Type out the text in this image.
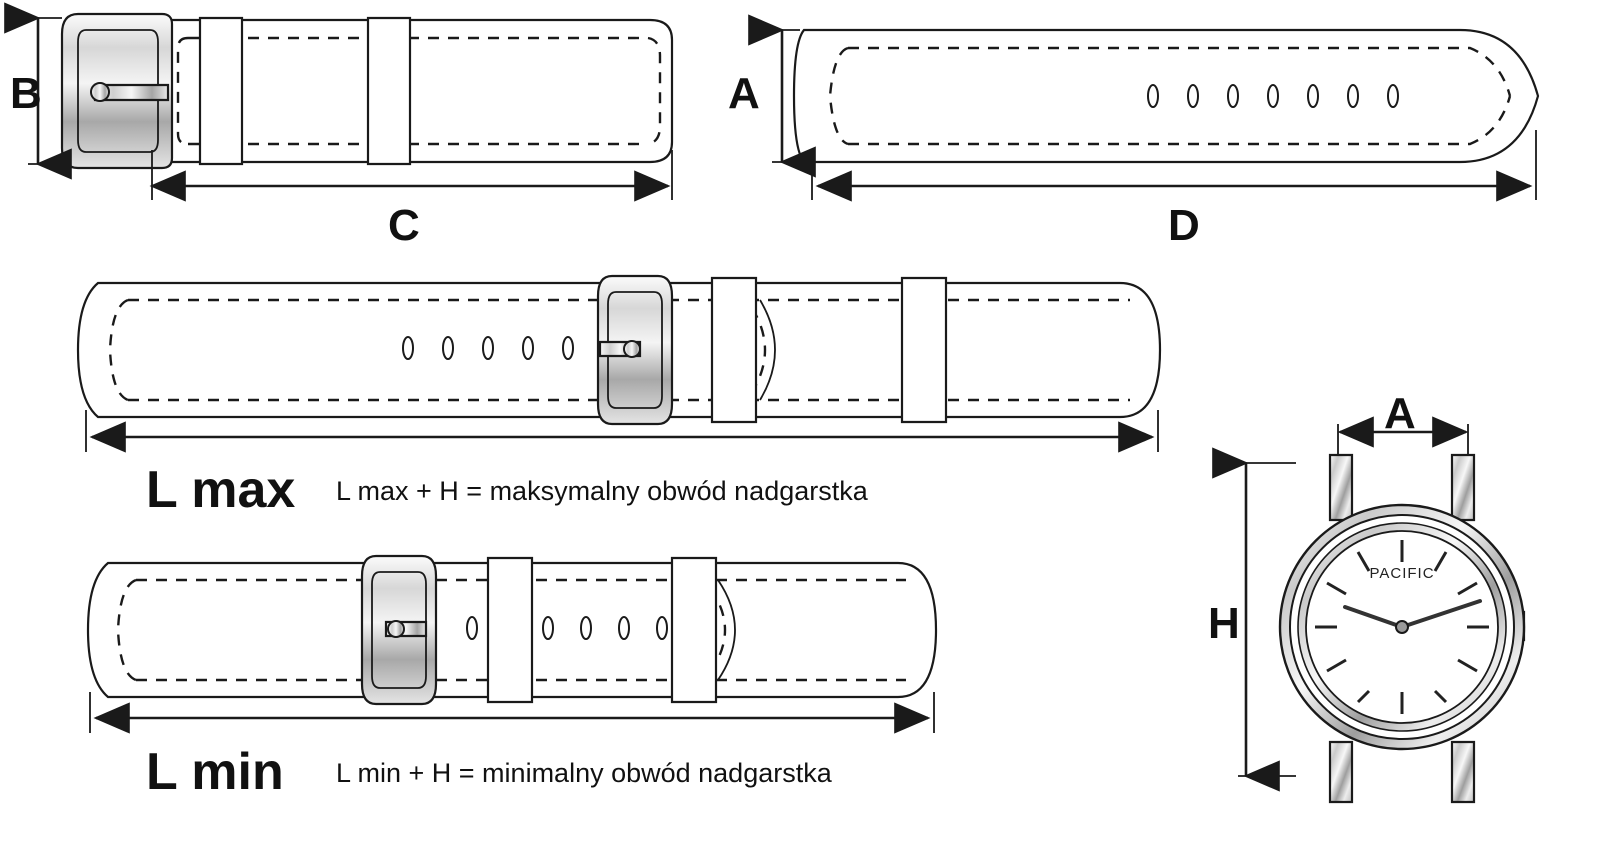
PACIFIC
B
C
A
D
L max L max + H = maksymalny obwód nadgarstka
L min L min + H = minimalny obwód nadgarstka
A
H
